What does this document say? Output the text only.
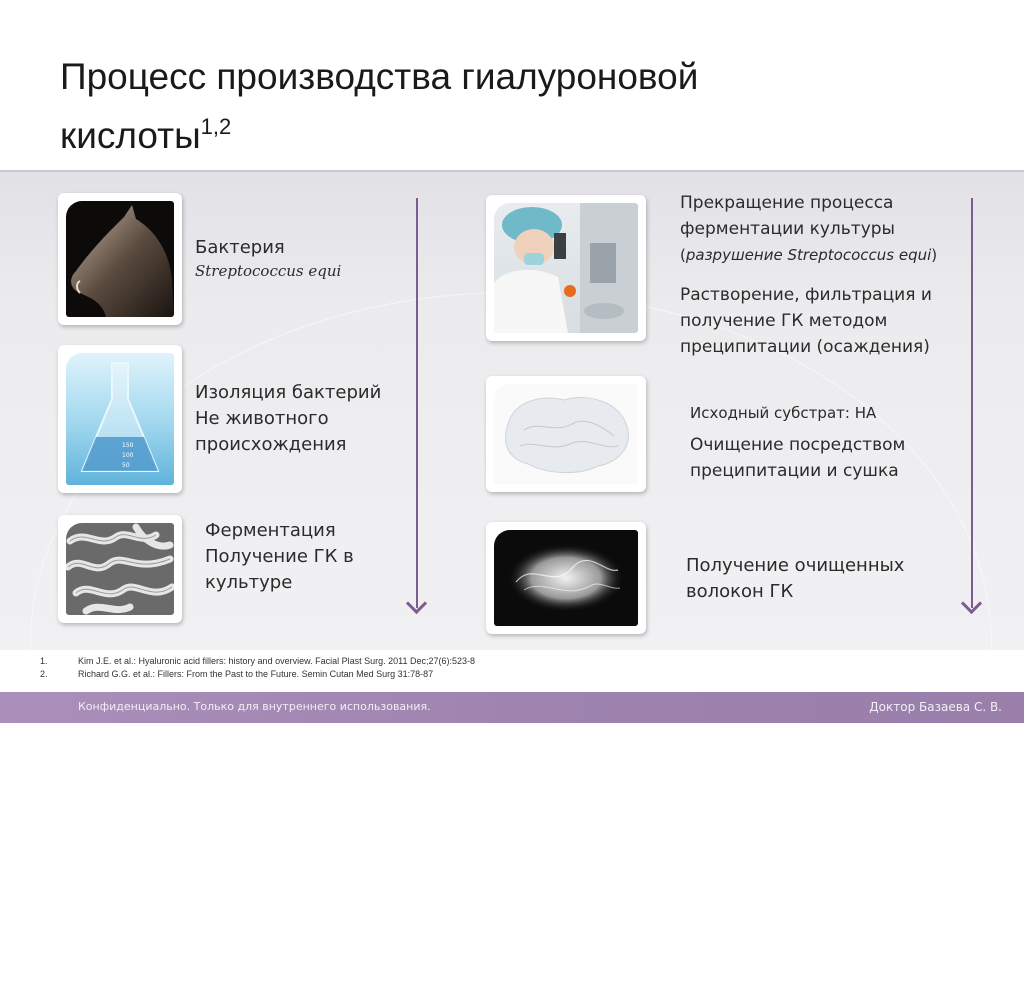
Процесс производства гиалуроновой кислоты$^{1,2}$
Бактерия
Streptococcus equi
150
100
50
Изоляция бактерий
Не животного
происхождения
Ферментация
Получение ГК в
культуре
Прекращение процесса
ферментации культуры
(разрушение Streptococcus equi)
Растворение, фильтрация и
получение ГК методом
преципитации (осаждения)
Исходный субстрат: НА
Очищение посредством
преципитации и сушка
Получение очищенных
волокон ГК
1.	Kim J.E. et al.: Hyaluronic acid fillers: history and overview. Facial Plast Surg. 2011 Dec;27(6):523-8
2.	Richard G.G. et al.: Fillers: From the Past to the Future. Semin Cutan Med Surg 31:78-87
Конфиденциально. Только для внутреннего использования.	Доктор Базаева С. В.
